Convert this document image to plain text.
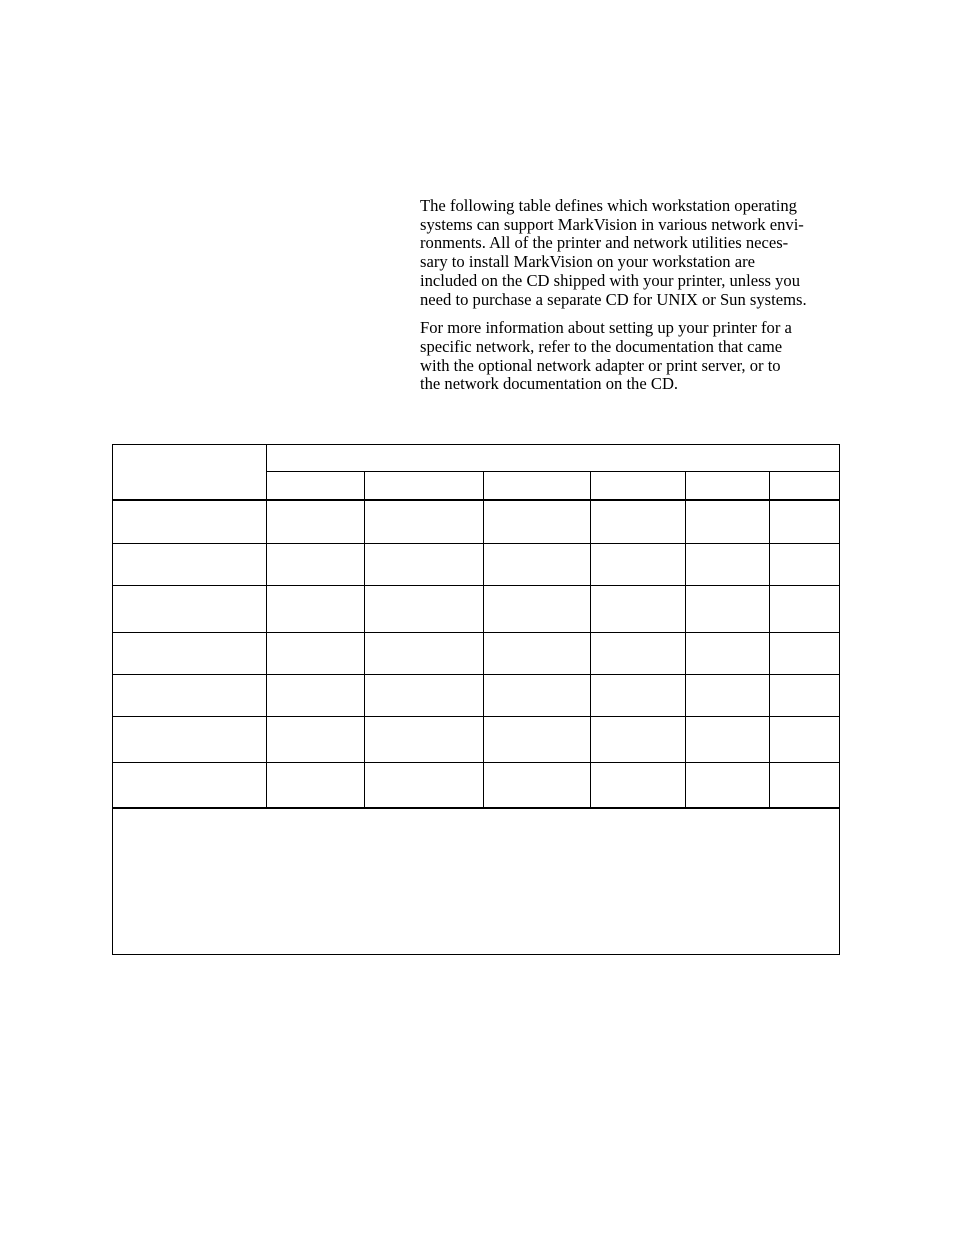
The following table defines which workstation operating
systems can support MarkVision in various network envi-
ronments. All of the printer and network utilities neces-
sary to install MarkVision on your workstation are
included on the CD shipped with your printer, unless you
need to purchase a separate CD for UNIX or Sun systems.

For more information about setting up your printer for a
specific network, refer to the documentation that came
with the optional network adapter or print server, or to
the network documentation on the CD.
